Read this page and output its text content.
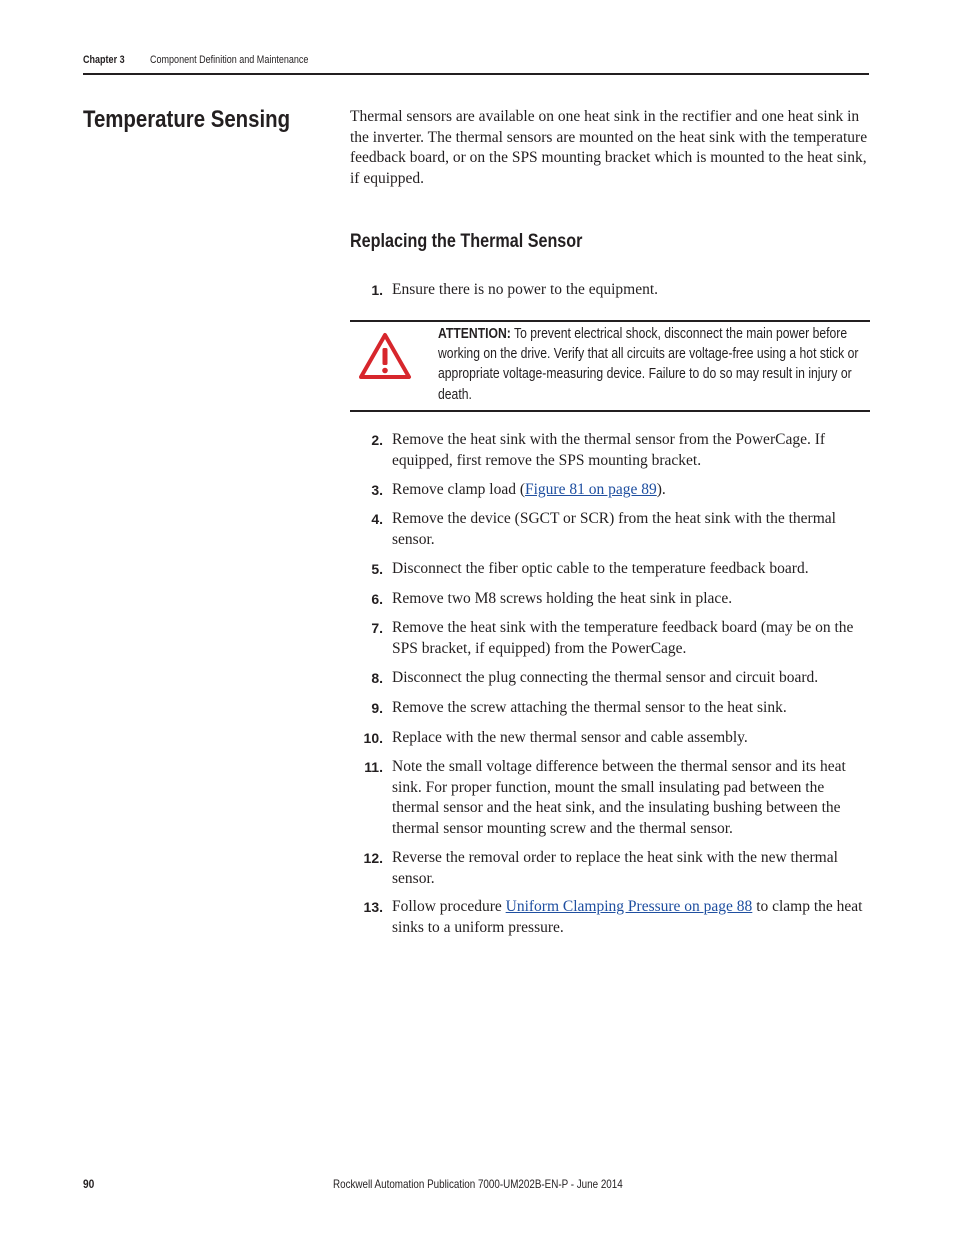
Chapter 3 Component Definition and Maintenance
Temperature Sensing	Thermal sensors are available on one heat sink in the rectifier and one heat sink in the inverter. The thermal sensors are mounted on the heat sink with the temperature feedback board, or on the SPS mounting bracket which is mounted to the heat sink, if equipped.

Replacing the Thermal Sensor
1. Ensure there is no power to the equipment.
ATTENTION: To prevent electrical shock, disconnect the main power before working on the drive. Verify that all circuits are voltage-free using a hot stick or appropriate voltage-measuring device. Failure to do so may result in injury or death.
2. Remove the heat sink with the thermal sensor from the PowerCage. If equipped, first remove the SPS mounting bracket.
3. Remove clamp load (Figure 81 on page 89).
4. Remove the device (SGCT or SCR) from the heat sink with the thermal sensor.
5. Disconnect the fiber optic cable to the temperature feedback board.
6. Remove two M8 screws holding the heat sink in place.
7. Remove the heat sink with the temperature feedback board (may be on the SPS bracket, if equipped) from the PowerCage.
8. Disconnect the plug connecting the thermal sensor and circuit board.
9. Remove the screw attaching the thermal sensor to the heat sink.
10. Replace with the new thermal sensor and cable assembly.
11. Note the small voltage difference between the thermal sensor and its heat sink. For proper function, mount the small insulating pad between the thermal sensor and the heat sink, and the insulating bushing between the thermal sensor mounting screw and the thermal sensor.
12. Reverse the removal order to replace the heat sink with the new thermal sensor.
13. Follow procedure Uniform Clamping Pressure on page 88 to clamp the heat sinks to a uniform pressure.
90	Rockwell Automation Publication 7000-UM202B-EN-P - June 2014
